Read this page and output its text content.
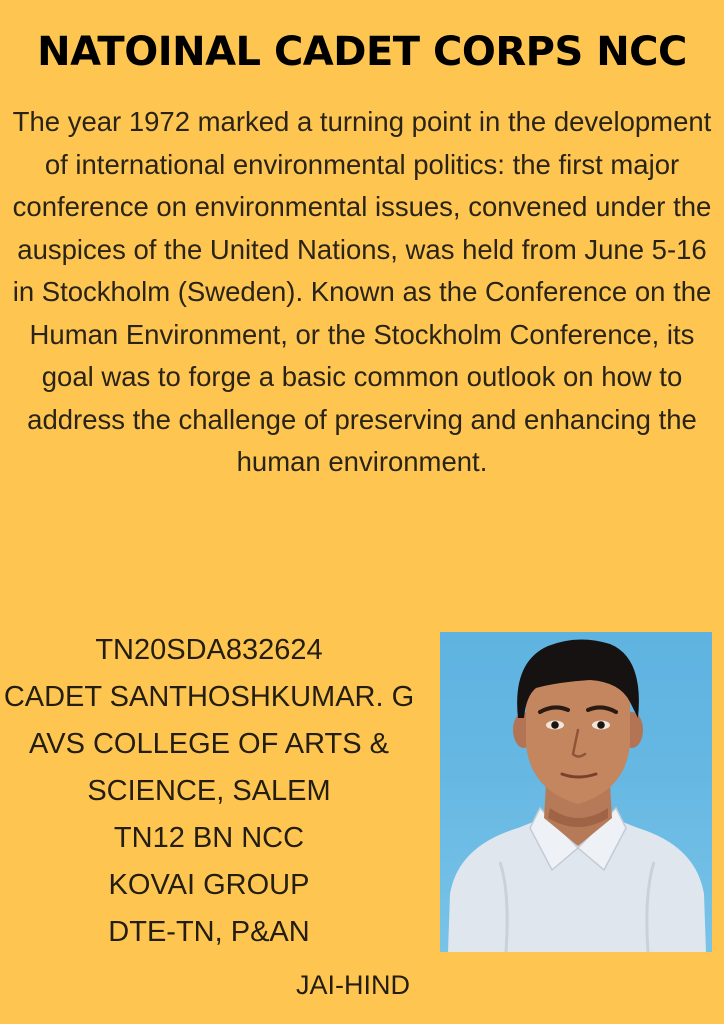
NATOINAL CADET CORPS NCC
The year 1972 marked a turning point in the development of international environmental politics: the first major conference on environmental issues, convened under the auspices of the United Nations, was held from June 5-16 in Stockholm (Sweden). Known as the Conference on the Human Environment, or the Stockholm Conference, its goal was to forge a basic common outlook on how to address the challenge of preserving and enhancing the human environment.
TN20SDA832624
CADET SANTHOSHKUMAR. G
AVS COLLEGE OF ARTS &
SCIENCE, SALEM
TN12 BN NCC
KOVAI GROUP
DTE-TN, P&AN
JAI-HIND
